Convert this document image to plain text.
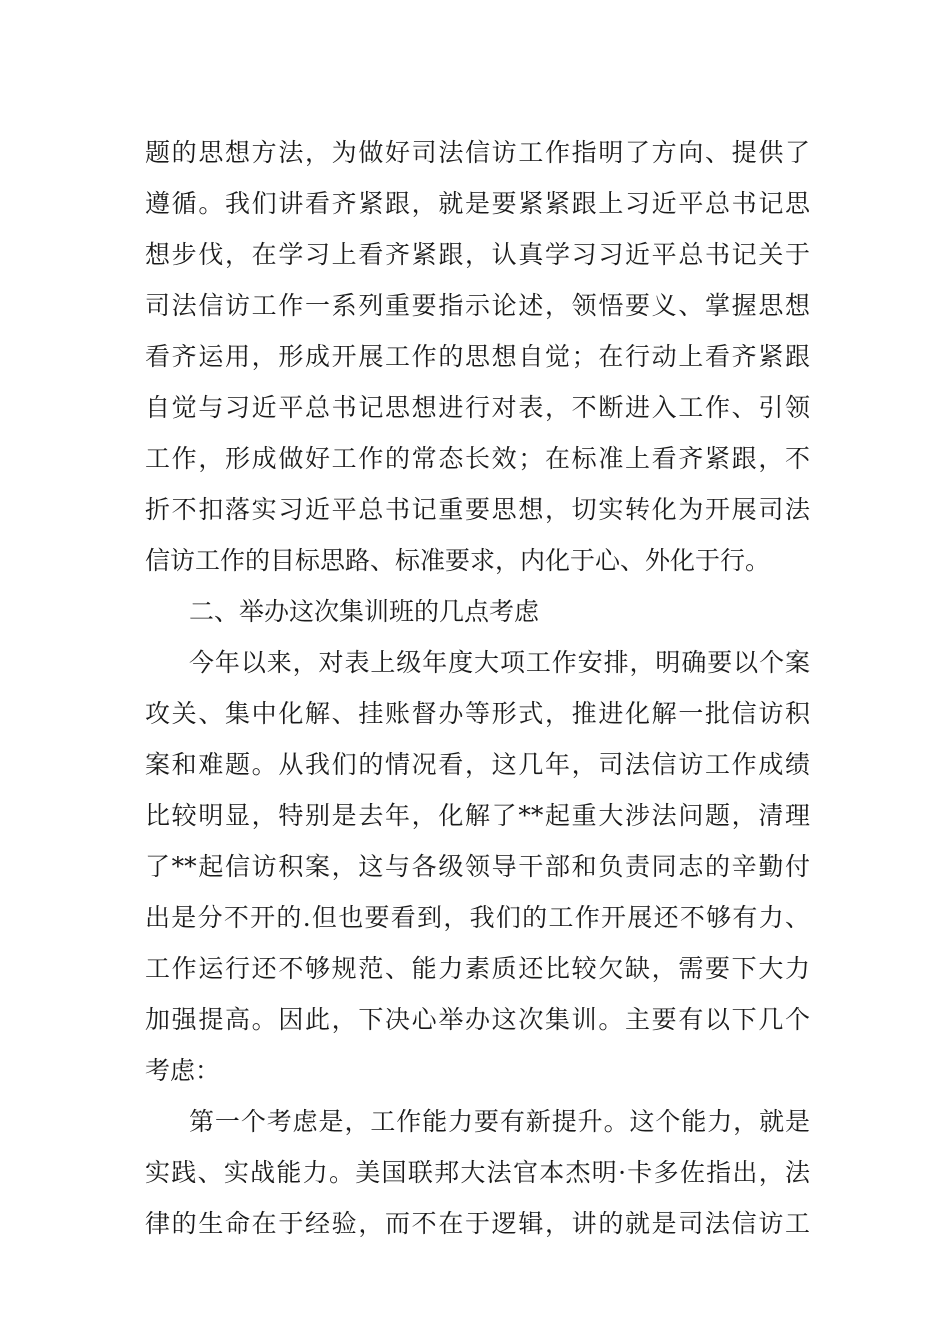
题的思想方法，为做好司法信访工作指明了方向、提供了
遵循。我们讲看齐紧跟，就是要紧紧跟上习近平总书记思
想步伐，在学习上看齐紧跟，认真学习习近平总书记关于
司法信访工作一系列重要指示论述，领悟要义、掌握思想
看齐运用，形成开展工作的思想自觉；在行动上看齐紧跟
自觉与习近平总书记思想进行对表，不断进入工作、引领
工作，形成做好工作的常态长效；在标准上看齐紧跟，不
折不扣落实习近平总书记重要思想，切实转化为开展司法
信访工作的目标思路、标准要求，内化于心、外化于行。
二、举办这次集训班的几点考虑
今年以来，对表上级年度大项工作安排，明确要以个案
攻关、集中化解、挂账督办等形式，推进化解一批信访积
案和难题。从我们的情况看，这几年，司法信访工作成绩
比较明显，特别是去年，化解了**起重大涉法问题，清理
了**起信访积案，这与各级领导干部和负责同志的辛勤付
出是分不开的.但也要看到，我们的工作开展还不够有力、
工作运行还不够规范、能力素质还比较欠缺，需要下大力
加强提高。因此，下决心举办这次集训。主要有以下几个
考虑：
第一个考虑是，工作能力要有新提升。这个能力，就是
实践、实战能力。美国联邦大法官本杰明·卡多佐指出，法
律的生命在于经验，而不在于逻辑，讲的就是司法信访工
